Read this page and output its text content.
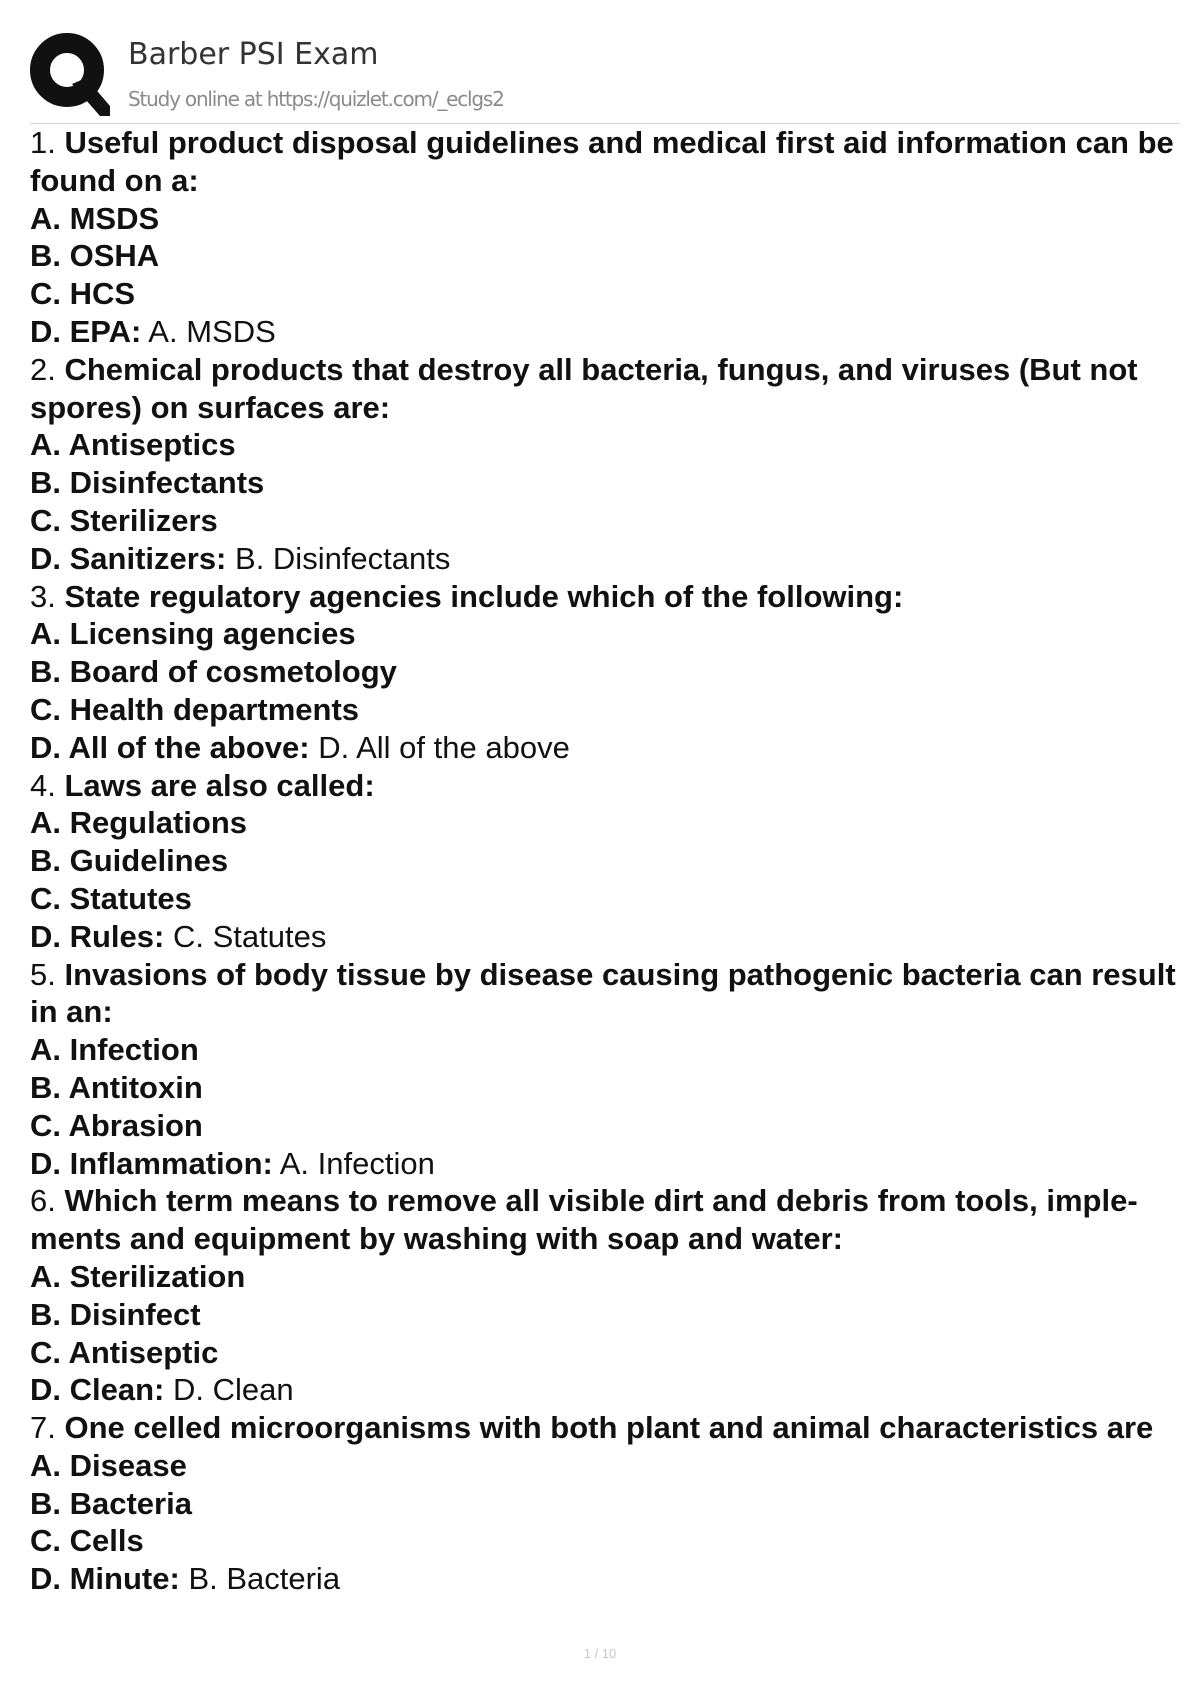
Barber PSI Exam
Study online at https://quizlet.com/_eclgs2

1. Useful product disposal guidelines and medical first aid information can be found on a:

A. MSDS

B. OSHA

C. HCS

D. EPA: A. MSDS

2. Chemical products that destroy all bacteria, fungus, and viruses (But not spores) on surfaces are:

A. Antiseptics

B. Disinfectants

C. Sterilizers

D. Sanitizers: B. Disinfectants

3. State regulatory agencies include which of the following:

A. Licensing agencies

B. Board of cosmetology

C. Health departments

D. All of the above: D. All of the above

4. Laws are also called:

A. Regulations

B. Guidelines

C. Statutes

D. Rules: C. Statutes

5. Invasions of body tissue by disease causing pathogenic bacteria can result in an:

A. Infection

B. Antitoxin

C. Abrasion

D. Inflammation: A. Infection

6. Which term means to remove all visible dirt and debris from tools, imple- ments and equipment by washing with soap and water:

A. Sterilization

B. Disinfect

C. Antiseptic

D. Clean: D. Clean

7. One celled microorganisms with both plant and animal characteristics are

A. Disease

B. Bacteria

C. Cells

D. Minute: B. Bacteria

1 / 10
